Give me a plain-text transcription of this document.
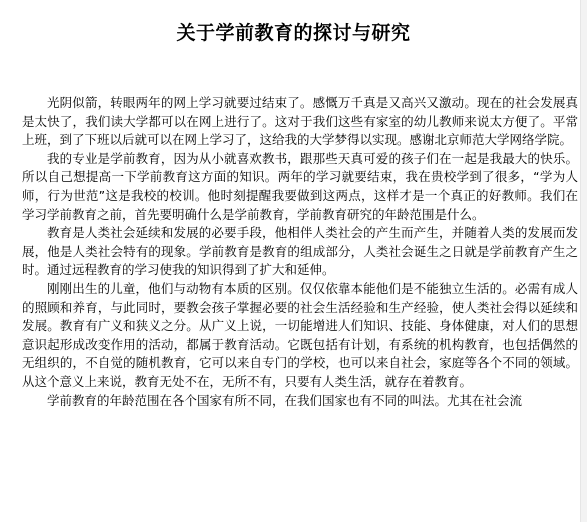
关于学前教育的探讨与研究

光阴似箭，转眼两年的网上学习就要过结束了。感慨万千真是又高兴又激动。现在的社会发展真是太快了，我们读大学都可以在网上进行了。这对于我们这些有家室的幼儿教师来说太方便了。平常上班，到了下班以后就可以在网上学习了，这给我的大学梦得以实现。感谢北京师范大学网络学院。

我的专业是学前教育，因为从小就喜欢教书，跟那些天真可爱的孩子们在一起是我最大的快乐。所以自己想提高一下学前教育这方面的知识。两年的学习就要结束，我在贵校学到了很多，“学为人师，行为世范”这是我校的校训。他时刻提醒我要做到这两点，这样才是一个真正的好教师。我们在学习学前教育之前，首先要明确什么是学前教育，学前教育研究的年龄范围是什么。

教育是人类社会延续和发展的必要手段，他相伴人类社会的产生而产生，并随着人类的发展而发展，他是人类社会特有的现象。学前教育是教育的组成部分，人类社会诞生之日就是学前教育产生之时。通过远程教育的学习使我的知识得到了扩大和延伸。

刚刚出生的儿童，他们与动物有本质的区别。仅仅依靠本能他们是不能独立生活的。必需有成人的照顾和养育，与此同时，要教会孩子掌握必要的社会生活经验和生产经验，使人类社会得以延续和发展。教育有广义和狭义之分。从广义上说，一切能增进人们知识、技能、身体健康，对人们的思想意识起形成改变作用的活动，都属于教育活动。它既包括有计划，有系统的机构教育，也包括偶然的无组织的，不自觉的随机教育，它可以来自专门的学校，也可以来自社会，家庭等各个不同的领域。从这个意义上来说，教育无处不在，无所不有，只要有人类生活，就存在着教育。

学前教育的年龄范围在各个国家有所不同，在我们国家也有不同的叫法。尤其在社会流
